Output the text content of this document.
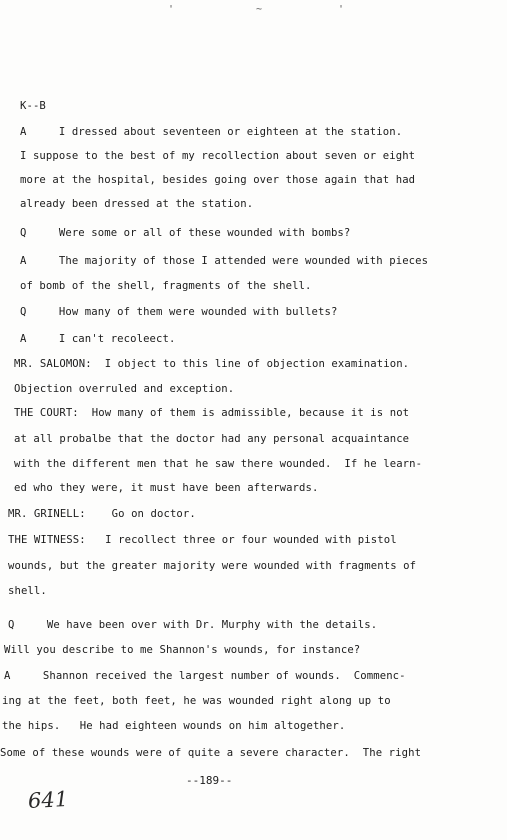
'	~	'
K--B
A     I dressed about seventeen or eighteen at the station.
I suppose to the best of my recollection about seven or eight
more at the hospital, besides going over those again that had
already been dressed at the station.
Q     Were some or all of these wounded with bombs?
A     The majority of those I attended were wounded with pieces
of bomb of the shell, fragments of the shell.
Q     How many of them were wounded with bullets?
A     I can't recoleect.
MR. SALOMON:  I object to this line of objection examination.
Objection overruled and exception.
THE COURT:  How many of them is admissible, because it is not
at all probalbe that the doctor had any personal acquaintance
with the different men that he saw there wounded.  If he learn-
ed who they were, it must have been afterwards.
MR. GRINELL:    Go on doctor.
THE WITNESS:   I recollect three or four wounded with pistol
wounds, but the greater majority were wounded with fragments of
shell.
Q     We have been over with Dr. Murphy with the details.
Will you describe to me Shannon's wounds, for instance?
A     Shannon received the largest number of wounds.  Commenc-
ing at the feet, both feet, he was wounded right along up to
the hips.   He had eighteen wounds on him altogether.
Some of these wounds were of quite a severe character.  The right
--189--
641
